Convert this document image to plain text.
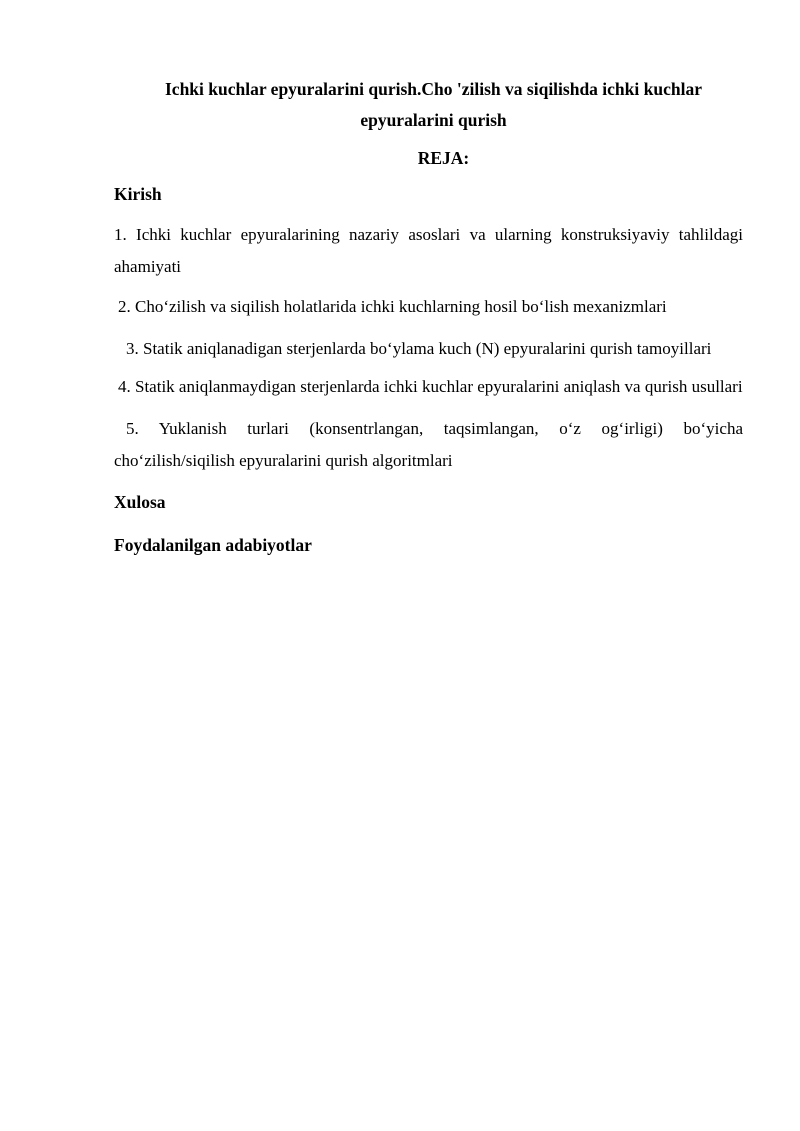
Ichki kuchlar epyuralarini qurish.Cho 'zilish va siqilishda ichki kuchlar epyuralarini qurish

REJA:

Kirish

1. Ichki kuchlar epyuralarining nazariy asoslari va ularning konstruksiyaviy tahlildagi ahamiyati

2. Cho‘zilish va siqilish holatlarida ichki kuchlarning hosil bo‘lish mexanizmlari

3. Statik aniqlanadigan sterjenlarda bo‘ylama kuch (N) epyuralarini qurish tamoyillari

4. Statik aniqlanmaydigan sterjenlarda ichki kuchlar epyuralarini aniqlash va qurish usullari

5. Yuklanish turlari (konsentrlangan, taqsimlangan, o‘z og‘irligi) bo‘yicha cho‘zilish/siqilish epyuralarini qurish algoritmlari

Xulosa

Foydalanilgan adabiyotlar
